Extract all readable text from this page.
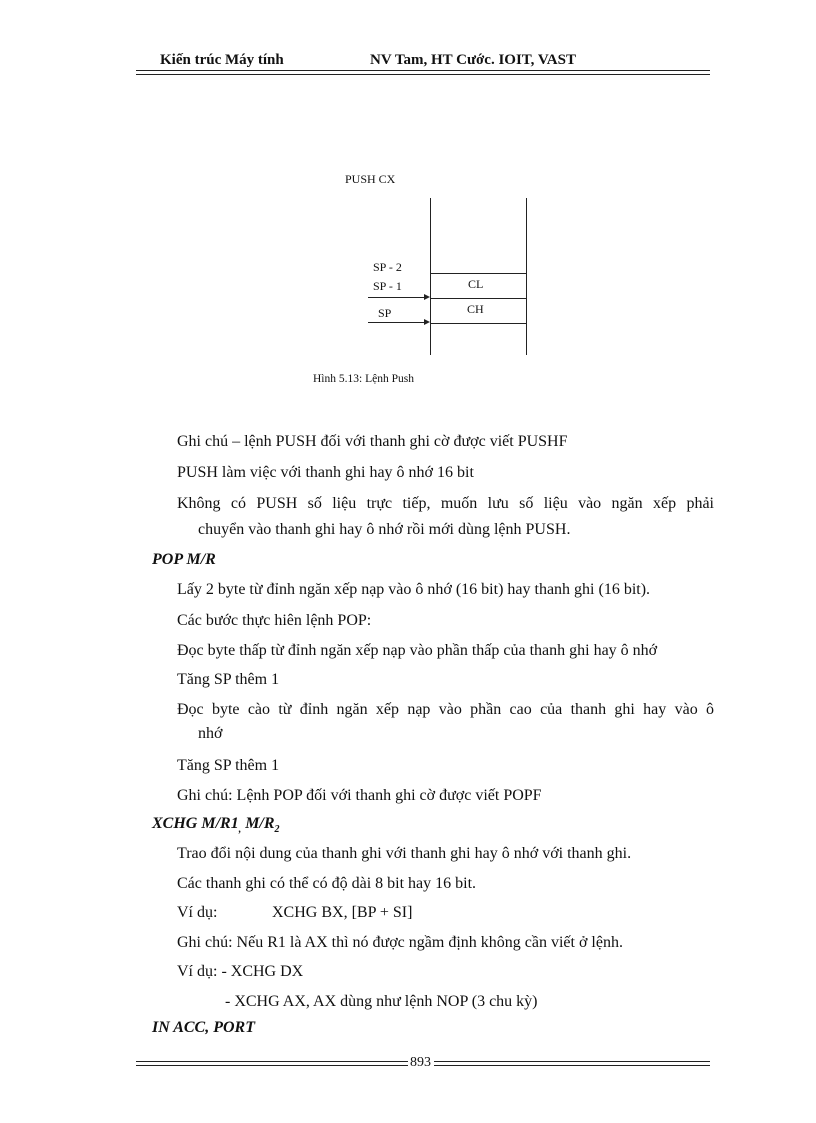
Kiến trúc Máy tính	NV Tam, HT Cước. IOIT, VAST
PUSH CX
SP - 2
SP - 1
SP
CL
CH
Hình 5.13: Lệnh Push
Ghi chú – lệnh PUSH đối với thanh ghi cờ được viết PUSHF
PUSH làm việc với thanh ghi hay ô nhớ 16 bit
Không có PUSH số liệu trực tiếp, muốn lưu số liệu vào ngăn xếp phải
chuyển vào thanh ghi hay ô nhớ rồi mới dùng lệnh PUSH.
POP M/R
Lấy 2 byte từ đỉnh ngăn xếp nạp vào ô nhớ (16 bit) hay thanh ghi (16 bit).
Các bước thực hiên lệnh POP:
Đọc byte thấp từ đỉnh ngăn xếp nạp vào phần thấp của thanh ghi hay ô nhớ
Tăng SP thêm 1
Đọc byte cào từ đỉnh ngăn xếp nạp vào phần cao của thanh ghi hay vào ô
nhớ
Tăng SP thêm 1
Ghi chú: Lệnh POP đối với thanh ghi cờ được viết POPF
XCHG $M/R1_,$ $M/R_2$
Trao đổi nội dung của thanh ghi với thanh ghi hay ô nhớ với thanh ghi.
Các thanh ghi có thể có độ dài 8 bit hay 16 bit.
Ví dụ:	XCHG BX, [BP + SI]
Ghi chú: Nếu R1 là AX thì nó được ngầm định không cần viết ở lệnh.
Ví dụ: - XCHG DX
- XCHG AX, AX dùng như lệnh NOP (3 chu kỳ)
IN ACC, PORT
893
